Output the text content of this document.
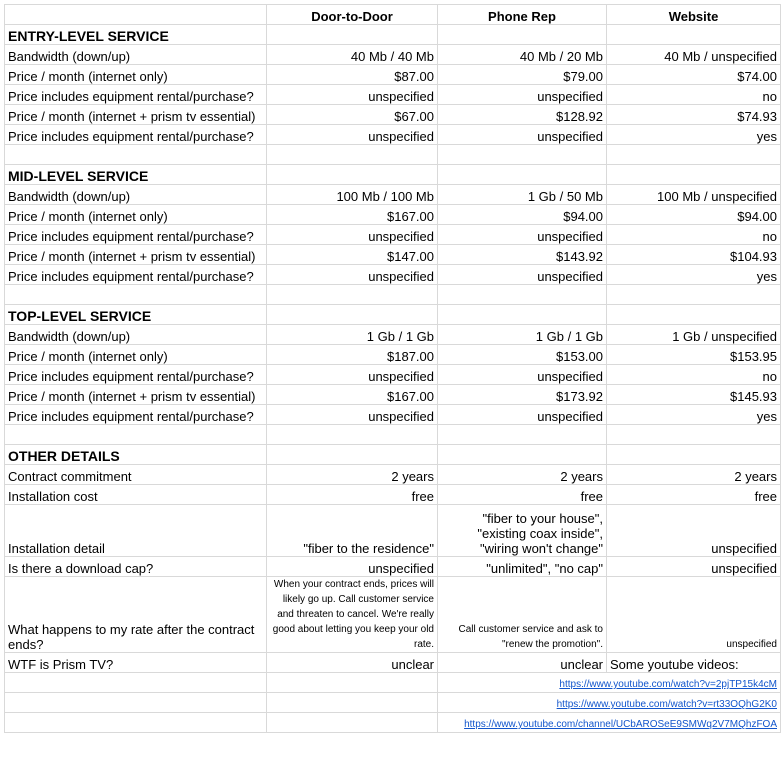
	Door-to-Door	Phone Rep	Website
ENTRY-LEVEL SERVICE			
Bandwidth (down/up)	40 Mb / 40 Mb	40 Mb / 20 Mb	40 Mb / unspecified
Price / month (internet only)	$87.00	$79.00	$74.00
Price includes equipment rental/purchase?	unspecified	unspecified	no
Price / month (internet + prism tv essential)	$67.00	$128.92	$74.93
Price includes equipment rental/purchase?	unspecified	unspecified	yes

MID-LEVEL SERVICE			
Bandwidth (down/up)	100 Mb / 100 Mb	1 Gb / 50 Mb	100 Mb / unspecified
Price / month (internet only)	$167.00	$94.00	$94.00
Price includes equipment rental/purchase?	unspecified	unspecified	no
Price / month (internet + prism tv essential)	$147.00	$143.92	$104.93
Price includes equipment rental/purchase?	unspecified	unspecified	yes

TOP-LEVEL SERVICE			
Bandwidth (down/up)	1 Gb / 1 Gb	1 Gb / 1 Gb	1 Gb / unspecified
Price / month (internet only)	$187.00	$153.00	$153.95
Price includes equipment rental/purchase?	unspecified	unspecified	no
Price / month (internet + prism tv essential)	$167.00	$173.92	$145.93
Price includes equipment rental/purchase?	unspecified	unspecified	yes

OTHER DETAILS			
Contract commitment	2 years	2 years	2 years
Installation cost	free	free	free
Installation detail	"fiber to the residence"	"fiber to your house", "existing coax inside", "wiring won't change"	unspecified
Is there a download cap?	unspecified	"unlimited", "no cap"	unspecified
What happens to my rate after the contract ends?	When your contract ends, prices will likely go up. Call customer service and threaten to cancel. We're really good about letting you keep your old rate.	Call customer service and ask to "renew the promotion".	unspecified
WTF is Prism TV?	unclear	unclear	Some youtube videos:
		https://www.youtube.com/watch?v=2pjTP15k4cM	
		https://www.youtube.com/watch?v=rt33OQhG2K0	
		https://www.youtube.com/channel/UCbAROSeE9SMWq2V7MQhzFOA	
